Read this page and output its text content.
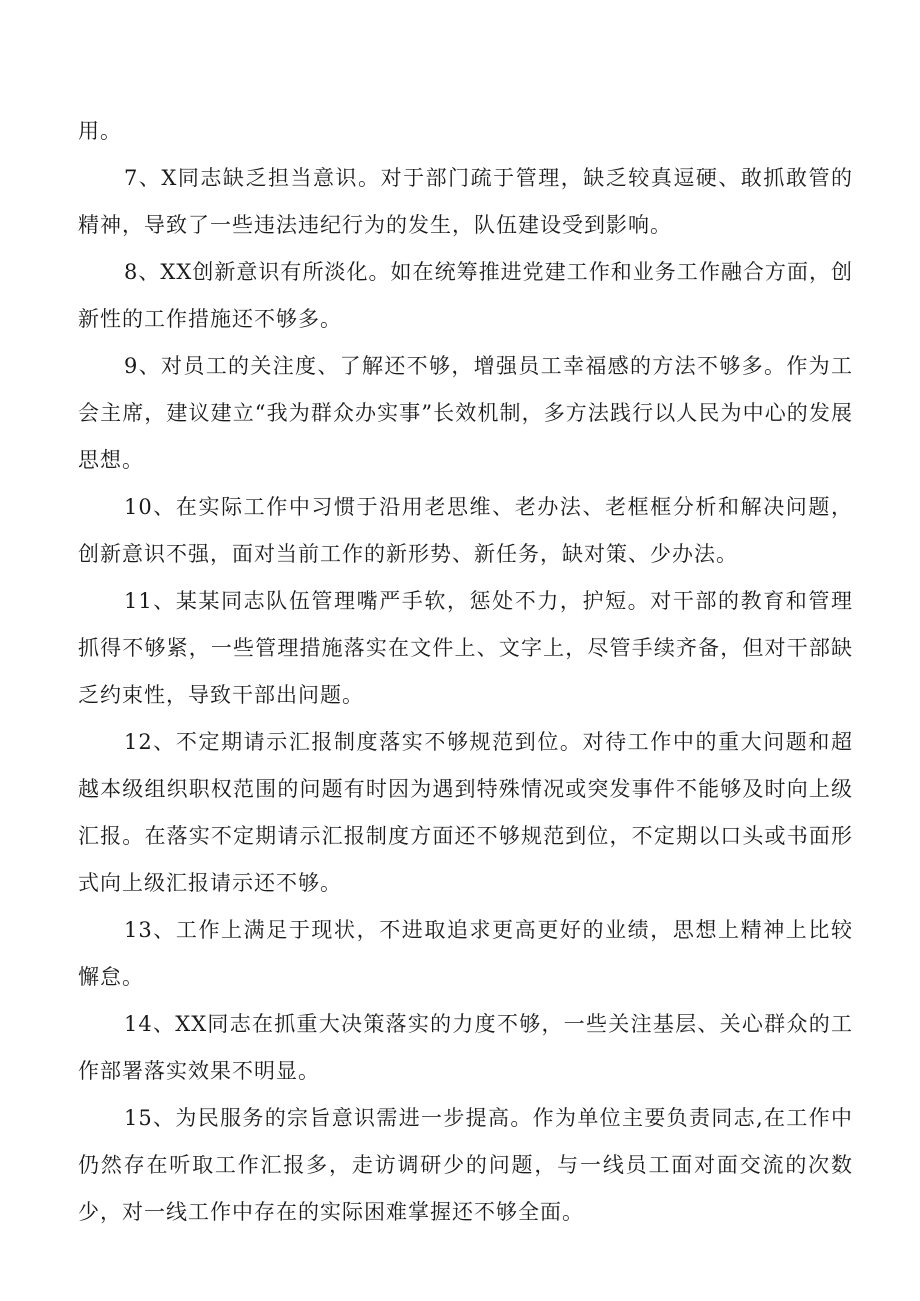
用。

7、X同志缺乏担当意识。对于部门疏于管理，缺乏较真逗硬、敢抓敢管的精神，导致了一些违法违纪行为的发生，队伍建设受到影响。

8、XX创新意识有所淡化。如在统筹推进党建工作和业务工作融合方面，创新性的工作措施还不够多。

9、对员工的关注度、了解还不够，增强员工幸福感的方法不够多。作为工会主席，建议建立“我为群众办实事”长效机制，多方法践行以人民为中心的发展思想。

10、在实际工作中习惯于沿用老思维、老办法、老框框分析和解决问题，创新意识不强，面对当前工作的新形势、新任务，缺对策、少办法。

11、某某同志队伍管理嘴严手软，惩处不力，护短。对干部的教育和管理抓得不够紧，一些管理措施落实在文件上、文字上，尽管手续齐备，但对干部缺乏约束性，导致干部出问题。

12、不定期请示汇报制度落实不够规范到位。对待工作中的重大问题和超越本级组织职权范围的问题有时因为遇到特殊情况或突发事件不能够及时向上级汇报。在落实不定期请示汇报制度方面还不够规范到位，不定期以口头或书面形式向上级汇报请示还不够。

13、工作上满足于现状，不进取追求更高更好的业绩，思想上精神上比较懈怠。

14、XX同志在抓重大决策落实的力度不够，一些关注基层、关心群众的工作部署落实效果不明显。

15、为民服务的宗旨意识需进一步提高。作为单位主要负责同志,在工作中仍然存在听取工作汇报多，走访调研少的问题，与一线员工面对面交流的次数少，对一线工作中存在的实际困难掌握还不够全面。
